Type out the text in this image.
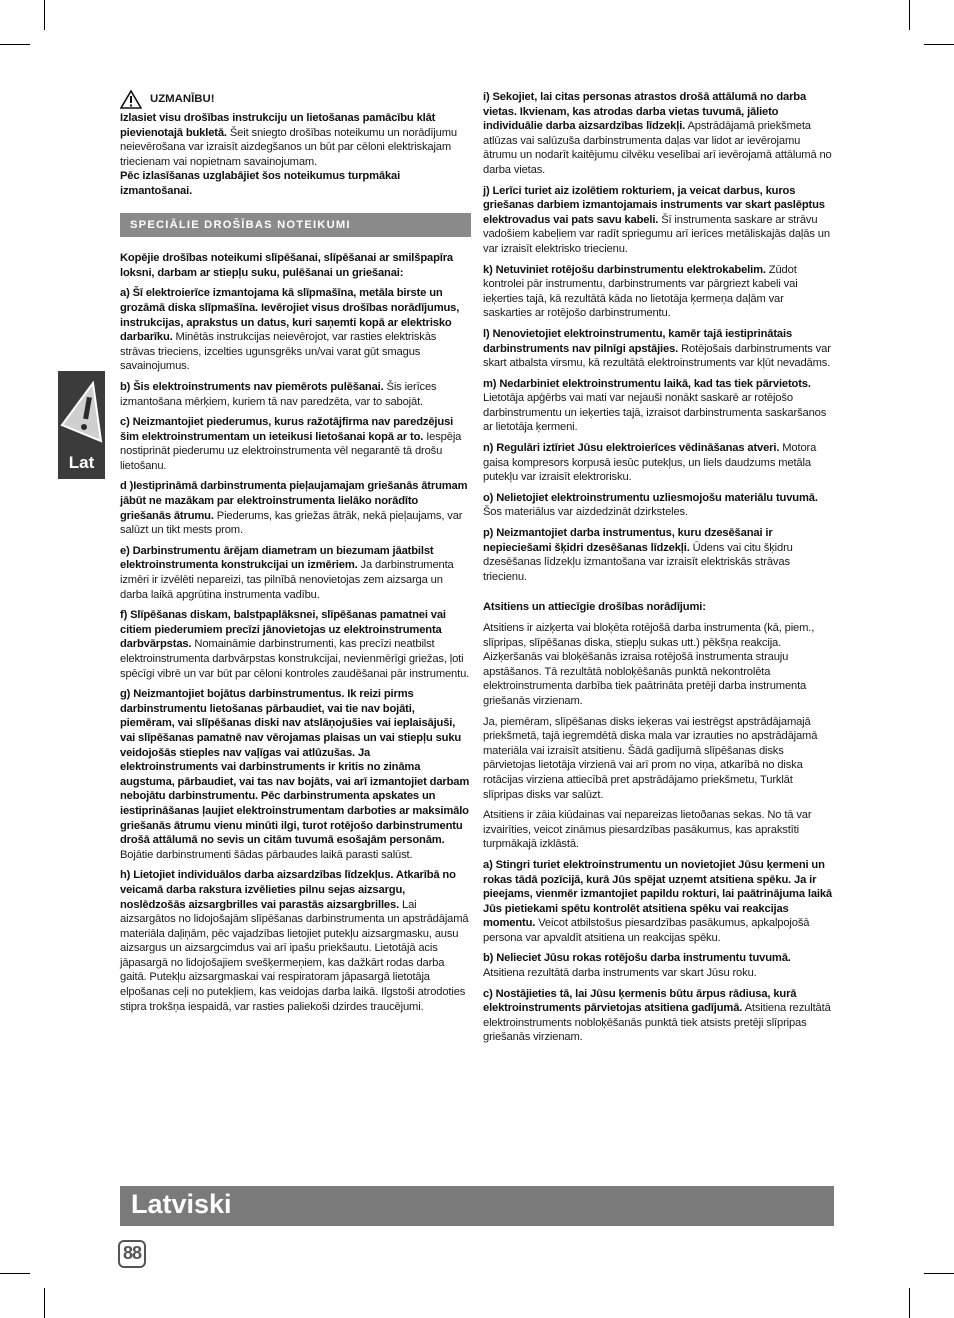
Lat
UZMANĪBU!

Izlasiet visu drošības instrukciju un lietošanas pamācību klāt pievienotajā bukletā. Šeit sniegto drošības noteikumu un norādījumu neievērošana var izraisīt aizdegšanos un būt par cēloni elektriskajam triecienam vai nopietnam savainojumam.
Pēc izlasīšanas uzglabājiet šos noteikumus turpmākai izmantošanai.

SPECIĀLIE DROŠĪBAS NOTEIKUMI

Kopējie drošības noteikumi slīpēšanai, slīpēšanai ar smilšpapīra loksni, darbam ar stiepļu suku, pulēšanai un griešanai:

a) Šī elektroierīce izmantojama kā slīpmašīna, metāla birste un grozāmā diska slīpmašīna. Ievērojiet visus drošības norādījumus, instrukcijas, aprakstus un datus, kuri saņemti kopā ar elektrisko darbarīku. Minētās instrukcijas neievērojot, var rasties elektriskās strāvas trieciens, izcelties ugunsgrēks un/vai varat gūt smagus savainojumus.

b) Šis elektroinstruments nav piemērots pulēšanai. Šis ierīces izmantošana mērķiem, kuriem tā nav paredzēta, var to sabojāt.

c) Neizmantojiet piederumus, kurus ražotājfirma nav paredzējusi šim elektroinstrumentam un ieteikusi lietošanai kopā ar to. Iespēja nostiprināt piederumu uz elektroinstrumenta vēl negarantē tā drošu lietošanu.

d )Iestiprināmā darbinstrumenta pieļaujamajam griešanās ātrumam jābūt ne mazākam par elektroinstrumenta lielāko norādīto griešanās ātrumu. Piederums, kas griežas ātrāk, nekā pieļaujams, var salūzt un tikt mests prom.

e) Darbinstrumentu ārējam diametram un biezumam jāatbilst elektroinstrumenta konstrukcijai un izmēriem. Ja darbinstrumenta izmēri ir izvēlēti nepareizi, tas pilnībā nenovietojas zem aizsarga un darba laikā apgrūtina instrumenta vadību.

f) Slīpēšanas diskam, balstpaplāksnei, slīpēšanas pamatnei vai citiem piederumiem precīzi jānovietojas uz elektroinstrumenta darbvārpstas. Nomaināmie darbinstrumenti, kas precīzi neatbilst elektroinstrumenta darbvārpstas konstrukcijai, nevienmērīgi griežas, ļoti spēcīgi vibrē un var būt par cēloni kontroles zaudēšanai pār instrumentu.

g) Neizmantojiet bojātus darbinstrumentus. Ik reizi pirms darbinstrumentu lietošanas pārbaudiet, vai tie nav bojāti, piemēram, vai slīpēšanas diski nav atslāņojušies vai ieplaisājuši, vai slīpēšanas pamatnē nav vērojamas plaisas un vai stiepļu suku veidojošās stieples nav vaļīgas vai atlūzušas. Ja elektroinstruments vai darbinstruments ir kritis no zināma augstuma, pārbaudiet, vai tas nav bojāts, vai arī izmantojiet darbam nebojātu darbinstrumentu. Pēc darbinstrumenta apskates un iestiprināšanas ļaujiet elektroinstrumentam darboties ar maksimālo griešanās ātrumu vienu minūti ilgi, turot rotējošo darbinstrumentu drošā attālumā no sevis un citām tuvumā esošajām personām. Bojātie darbinstrumenti šādas pārbaudes laikā parasti salūst.

h) Lietojiet individuālos darba aizsardzības līdzekļus. Atkarībā no veicamā darba rakstura izvēlieties pilnu sejas aizsargu, noslēdzošās aizsargbrilles vai parastās aizsargbrilles. Lai aizsargātos no lidojošajām slīpēšanas darbinstrumenta un apstrādājamā materiāla daļiņām, pēc vajadzības lietojiet putekļu aizsargmasku, ausu aizsargus un aizsargcimdus vai arī ipašu priekšautu. Lietotājā acis jāpasargā no lidojošajiem svešķermeņiem, kas dažkārt rodas darba gaitā. Putekļu aizsargmaskai vai respiratoram jāpasargā lietotāja elpošanas ceļi no putekļiem, kas veidojas darba laikā. Ilgstoši atrodoties stipra trokšņa iespaidā, var rasties paliekoši dzirdes traucējumi.

i) Sekojiet, lai citas personas atrastos drošā attālumā no darba vietas. Ikvienam, kas atrodas darba vietas tuvumā, jālieto individuālie darba aizsardzības līdzekļi. Apstrādājamā priekšmeta atlūzas vai salūzuša darbinstrumenta daļas var lidot ar ievērojamu ātrumu un nodarīt kaitējumu cilvēku veselībai arī ievērojamā attālumā no darba vietas.

j) Lerīci turiet aiz izolētiem rokturiem, ja veicat darbus, kuros griešanas darbiem izmantojamais instruments var skart paslēptus elektrovadus vai pats savu kabeli. Šī instrumenta saskare ar strāvu vadošiem kabeļiem var radīt spriegumu arī ierīces metāliskajās daļās un var izraisīt elektrisko triecienu.

k) Netuviniet rotējošu darbinstrumentu elektrokabelim. Zūdot kontrolei pār instrumentu, darbinstruments var pārgriezt kabeli vai ieķerties tajā, kā rezultātā kāda no lietotāja ķermeņa daļām var saskarties ar rotējošo darbinstrumentu.

l) Nenovietojiet elektroinstrumentu, kamēr tajā iestiprinātais darbinstruments nav pilnīgi apstājies. Rotējošais darbinstruments var skart atbalsta virsmu, kā rezultātā elektroinstruments var kļūt nevadāms.

m) Nedarbiniet elektroinstrumentu laikā, kad tas tiek pārvietots. Lietotāja apģērbs vai mati var nejauši nonākt saskarē ar rotējošo darbinstrumentu un ieķerties tajā, izraisot darbinstrumenta saskaršanos ar lietotāja ķermeni.

n) Regulāri iztīriet Jūsu elektroierīces vēdināšanas atveri. Motora gaisa kompresors korpusā iesūc putekļus, un liels daudzums metāla putekļu var izraisīt elektrorisku.

o) Nelietojiet elektroinstrumentu uzliesmojošu materiālu tuvumā. Šos materiālus var aizdedzināt dzirksteles.

p) Neizmantojiet darba instrumentus, kuru dzesēšanai ir nepieciešami šķidri dzesēšanas līdzekļi. Ūdens vai citu šķidru dzesēšanas līdzekļu izmantošana var izraisīt elektriskās strāvas triecienu.

Atsitiens un attiecīgie drošības norādījumi:

Atsitiens ir aizķerta vai bloķēta rotējošā darba instrumenta (kā, piem., slīpripas, slīpēšanas diska, stiepļu sukas utt.) pēkšņa reakcija. Aizķeršanās vai bloķēšanās izraisa rotējošā instrumenta strauju apstāšanos. Tā rezultātā nobloķēšanās punktā nekontrolēta elektroinstrumenta darbība tiek paātrināta pretēji darba instrumenta griešanās virzienam.

Ja, piemēram, slīpēšanas disks ieķeras vai iestrēgst apstrādājamajā priekšmetā, tajā iegremdētā diska mala var izrauties no apstrādājamā materiāla vai izraisīt atsitienu. Šādā gadījumā slīpēšanas disks pārvietojas lietotāja virzienā vai arī prom no viņa, atkarībā no diska rotācijas virziena attiecībā pret apstrādājamo priekšmetu, Turklāt slīpripas disks var salūzt.

Atsitiens ir zāia kiūdainas vai nepareizas lietoðanas sekas. No tā var izvairīties, veicot zināmus piesardzības pasākumus, kas aprakstīti turpmākajā izklāstā.

a) Stingri turiet elektroinstrumentu un novietojiet Jūsu ķermeni un rokas tādā pozīcijā, kurā Jūs spējat uzņemt atsitiena spēku. Ja ir pieejams, vienmēr izmantojiet papildu rokturi, lai paātrinājuma laikā Jūs pietiekami spētu kontrolēt atsitiena spēku vai reakcijas momentu. Veicot atbilstošus piesardzības pasākumus, apkalpojošā persona var apvaldīt atsitiena un reakcijas spēku.

b) Nelieciet Jūsu rokas rotējošu darba instrumentu tuvumā. Atsitiena rezultātā darba instruments var skart Jūsu roku.

c) Nostājieties tā, lai Jūsu ķermenis būtu ārpus rādiusa, kurā elektroinstruments pārvietojas atsitiena gadījumā. Atsitiena rezultātā elektroinstruments nobloķēšanās punktā tiek atsists pretēji slīpripas griešanās virzienam.

Latviski
88
